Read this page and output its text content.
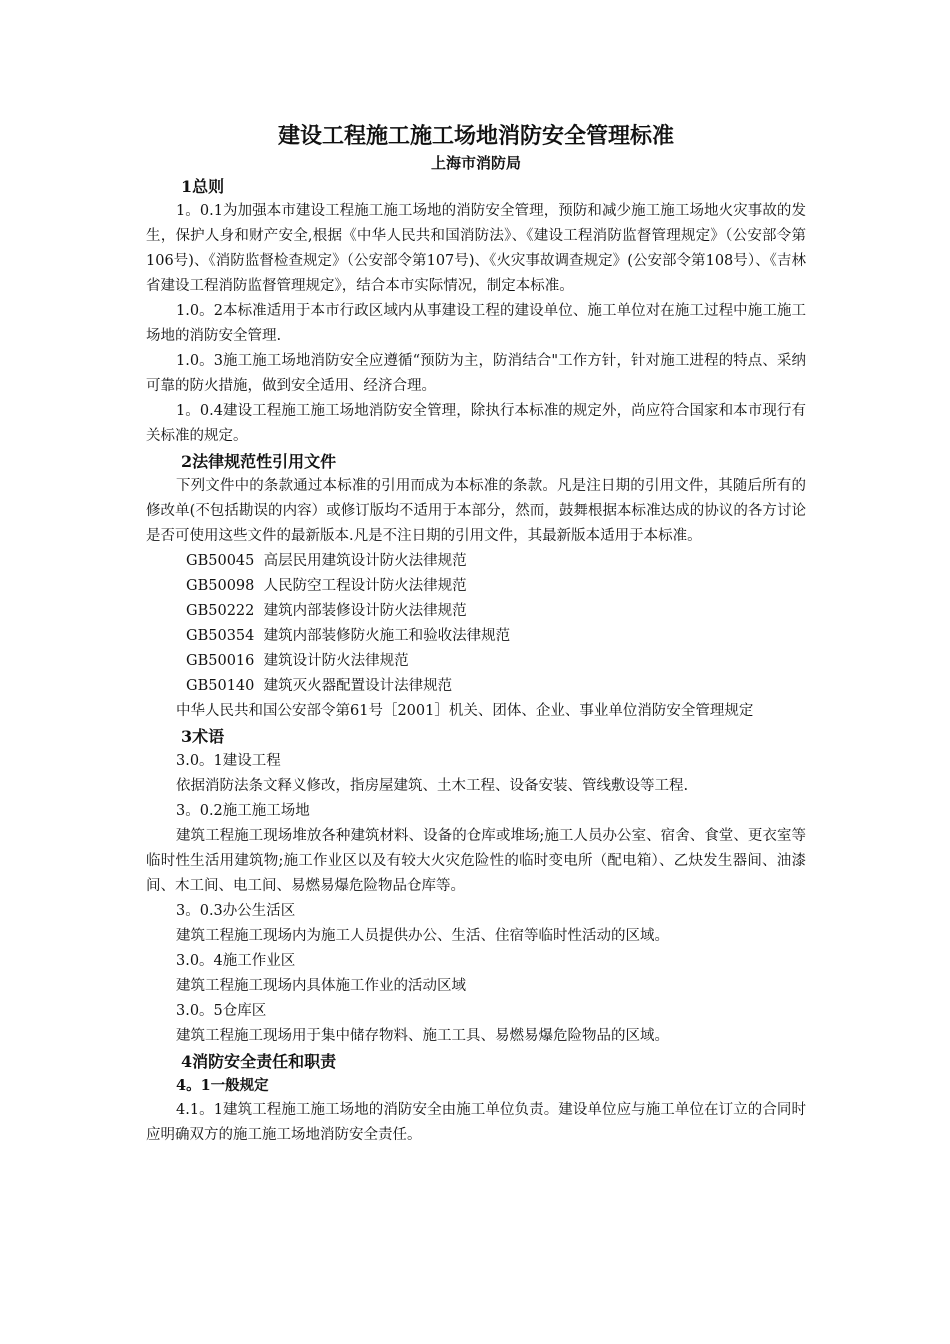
建设工程施工施工场地消防安全管理标准

上海市消防局

1总则

1。0.1为加强本市建设工程施工施工场地的消防安全管理，预防和减少施工施工场地火灾事故的发生，保护人身和财产安全,根据《中华人民共和国消防法》、《建设工程消防监督管理规定》（公安部令第106号)、《消防监督检查规定》（公安部令第107号)、《火灾事故调查规定》(公安部令第108号）、《吉林省建设工程消防监督管理规定》，结合本市实际情况，制定本标准。

1.0。2本标准适用于本市行政区域内从事建设工程的建设单位、施工单位对在施工过程中施工施工场地的消防安全管理.

1.0。3施工施工场地消防安全应遵循“预防为主，防消结合"工作方针，针对施工进程的特点、采纳可靠的防火措施，做到安全适用、经济合理。

1。0.4建设工程施工施工场地消防安全管理，除执行本标准的规定外，尚应符合国家和本市现行有关标准的规定。

2法律规范性引用文件

下列文件中的条款通过本标准的引用而成为本标准的条款。凡是注日期的引用文件，其随后所有的修改单(不包括勘误的内容）或修订版均不适用于本部分，然而，鼓舞根据本标准达成的协议的各方讨论是否可使用这些文件的最新版本.凡是不注日期的引用文件，其最新版本适用于本标准。

GB50045  高层民用建筑设计防火法律规范

GB50098  人民防空工程设计防火法律规范

GB50222  建筑内部装修设计防火法律规范

GB50354  建筑内部装修防火施工和验收法律规范

GB50016  建筑设计防火法律规范

GB50140  建筑灭火器配置设计法律规范

中华人民共和国公安部令第61号［2001］机关、团体、企业、事业单位消防安全管理规定

3术语

3.0。1建设工程

依据消防法条文释义修改，指房屋建筑、土木工程、设备安装、管线敷设等工程.

3。0.2施工施工场地

建筑工程施工现场堆放各种建筑材料、设备的仓库或堆场;施工人员办公室、宿舍、食堂、更衣室等临时性生活用建筑物;施工作业区以及有较大火灾危险性的临时变电所（配电箱）、乙炔发生器间、油漆间、木工间、电工间、易燃易爆危险物品仓库等。

3。0.3办公生活区

建筑工程施工现场内为施工人员提供办公、生活、住宿等临时性活动的区域。

3.0。4施工作业区

建筑工程施工现场内具体施工作业的活动区域

3.0。5仓库区

建筑工程施工现场用于集中储存物料、施工工具、易燃易爆危险物品的区域。

4消防安全责任和职责

4。1一般规定

4.1。1建筑工程施工施工场地的消防安全由施工单位负责。建设单位应与施工单位在订立的合同时应明确双方的施工施工场地消防安全责任。
